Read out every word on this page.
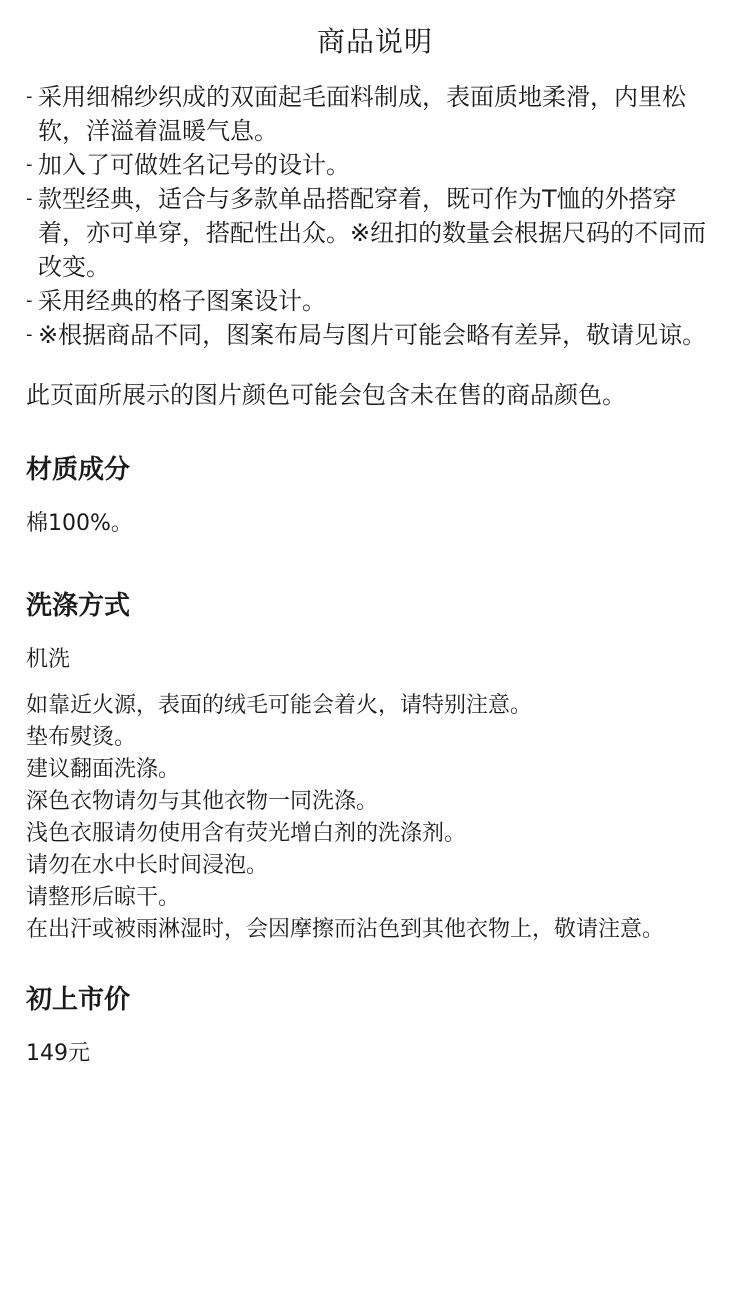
商品说明
- 采用细棉纱织成的双面起毛面料制成，表面质地柔滑，内里松软，洋溢着温暖气息。
- 加入了可做姓名记号的设计。
- 款型经典，适合与多款单品搭配穿着，既可作为T恤的外搭穿着，亦可单穿，搭配性出众。※纽扣的数量会根据尺码的不同而改变。
- 采用经典的格子图案设计。
- ※根据商品不同，图案布局与图片可能会略有差异，敬请见谅。

此页面所展示的图片颜色可能会包含未在售的商品颜色。

材质成分

棉100%。

洗涤方式

机洗

如靠近火源，表面的绒毛可能会着火，请特别注意。

垫布熨烫。

建议翻面洗涤。

深色衣物请勿与其他衣物一同洗涤。

浅色衣服请勿使用含有荧光增白剂的洗涤剂。

请勿在水中长时间浸泡。

请整形后晾干。

在出汗或被雨淋湿时，会因摩擦而沾色到其他衣物上，敬请注意。

初上市价

149元
